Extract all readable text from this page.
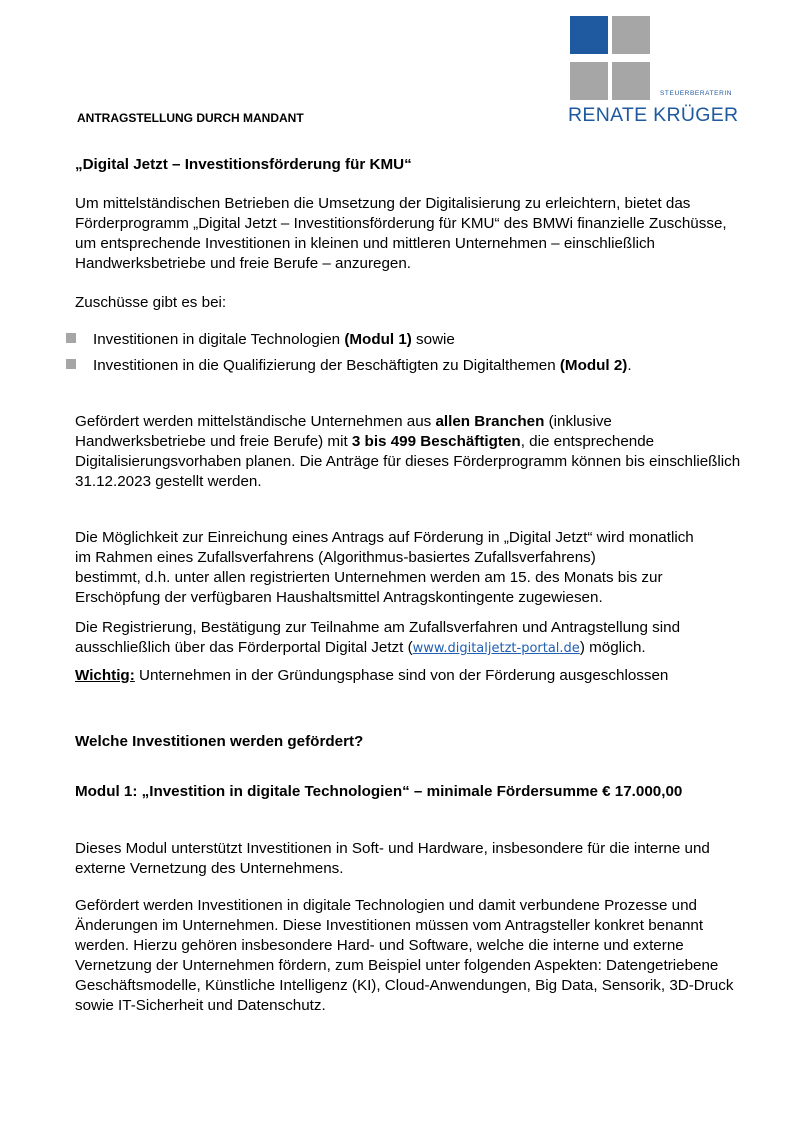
STEUERBERATERIN
RENATE KRÜGER
ANTRAGSTELLUNG DURCH MANDANT
„Digital Jetzt – Investitionsförderung für KMU“
Um mittelständischen Betrieben die Umsetzung der Digitalisierung zu erleichtern, bietet das Förderprogramm „Digital Jetzt – Investitionsförderung für KMU“ des BMWi finanzielle Zuschüsse, um entsprechende Investitionen in kleinen und mittleren Unternehmen – einschließlich Handwerksbetriebe und freie Berufe – anzuregen.
Zuschüsse gibt es bei:
Investitionen in digitale Technologien (Modul 1) sowie
Investitionen in die Qualifizierung der Beschäftigten zu Digitalthemen (Modul 2).
Gefördert werden mittelständische Unternehmen aus allen Branchen (inklusive Handwerksbetriebe und freie Berufe) mit 3 bis 499 Beschäftigten, die entsprechende Digitalisierungsvorhaben planen. Die Anträge für dieses Förderprogramm können bis einschließlich 31.12.2023 gestellt werden.
Die Möglichkeit zur Einreichung eines Antrags auf Förderung in „Digital Jetzt“ wird monatlich
im Rahmen eines Zufallsverfahrens (Algorithmus-basiertes Zufallsverfahrens)
bestimmt, d.h. unter allen registrierten Unternehmen werden am 15. des Monats bis zur Erschöpfung der verfügbaren Haushaltsmittel Antragskontingente zugewiesen.
Die Registrierung, Bestätigung zur Teilnahme am Zufallsverfahren und Antragstellung sind ausschließlich über das Förderportal Digital Jetzt (www.digitaljetzt-portal.de) möglich.
Wichtig: Unternehmen in der Gründungsphase sind von der Förderung ausgeschlossen
Welche Investitionen werden gefördert?
Modul 1: „Investition in digitale Technologien“ – minimale Fördersumme € 17.000,00
Dieses Modul unterstützt Investitionen in Soft- und Hardware, insbesondere für die interne und externe Vernetzung des Unternehmens.
Gefördert werden Investitionen in digitale Technologien und damit verbundene Prozesse und Änderungen im Unternehmen. Diese Investitionen müssen vom Antragsteller konkret benannt werden. Hierzu gehören insbesondere Hard- und Software, welche die interne und externe Vernetzung der Unternehmen fördern, zum Beispiel unter folgenden Aspekten: Datengetriebene Geschäftsmodelle, Künstliche Intelligenz (KI), Cloud-Anwendungen, Big Data, Sensorik, 3D-Druck sowie IT-Sicherheit und Datenschutz.
